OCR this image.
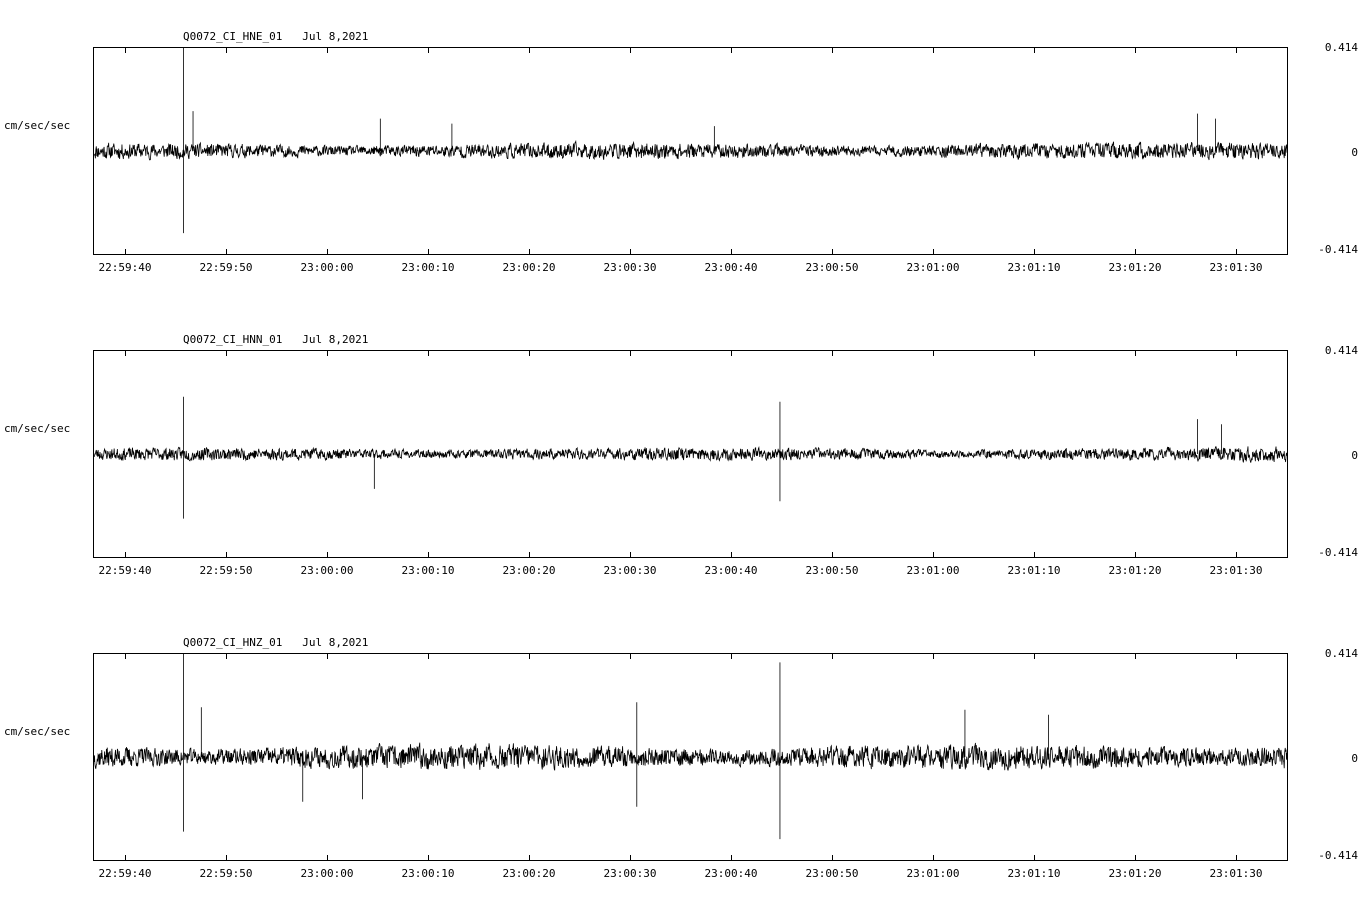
Q0072_CI_HNE_01   Jul 8,2021
cm/sec/sec
0.414
0
-0.414
22:59:40	22:59:50	23:00:00	23:00:10	23:00:20	23:00:30	23:00:40	23:00:50	23:01:00	23:01:10	23:01:20	23:01:30
Q0072_CI_HNN_01   Jul 8,2021
cm/sec/sec
0.414
0
-0.414
22:59:40	22:59:50	23:00:00	23:00:10	23:00:20	23:00:30	23:00:40	23:00:50	23:01:00	23:01:10	23:01:20	23:01:30
Q0072_CI_HNZ_01   Jul 8,2021
cm/sec/sec
0.414
0
-0.414
22:59:40	22:59:50	23:00:00	23:00:10	23:00:20	23:00:30	23:00:40	23:00:50	23:01:00	23:01:10	23:01:20	23:01:30
